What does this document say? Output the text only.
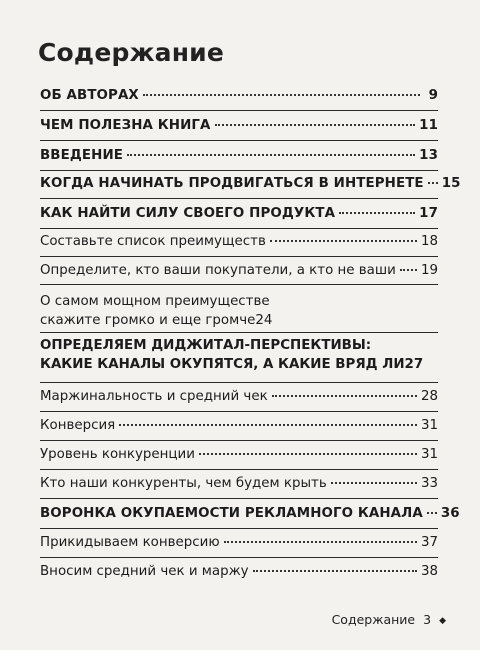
Содержание
ОБ АВТОРАХ	9
ЧЕМ ПОЛЕЗНА КНИГА	11
ВВЕДЕНИЕ	13
КОГДА НАЧИНАТЬ ПРОДВИГАТЬСЯ В ИНТЕРНЕТЕ 15
КАК НАЙТИ СИЛУ СВОЕГО ПРОДУКТА	17
Составьте список преимуществ	18
Определите, кто ваши покупатели, а кто не ваши 19
О самом мощном преимуществе
скажите громко и еще громче 24
ОПРЕДЕЛЯЕМ ДИДЖИТАЛ-ПЕРСПЕКТИВЫ:
КАКИЕ КАНАЛЫ ОКУПЯТСЯ, А КАКИЕ ВРЯД ЛИ 27
Маржинальность и средний чек	28
Конверсия	31
Уровень конкуренции	31
Кто наши конкуренты, чем будем крыть	33
ВОРОНКА ОКУПАЕМОСТИ РЕКЛАМНОГО КАНАЛА 36
Прикидываем конверсию	37
Вносим средний чек и маржу	38
Содержание 3 ◆
